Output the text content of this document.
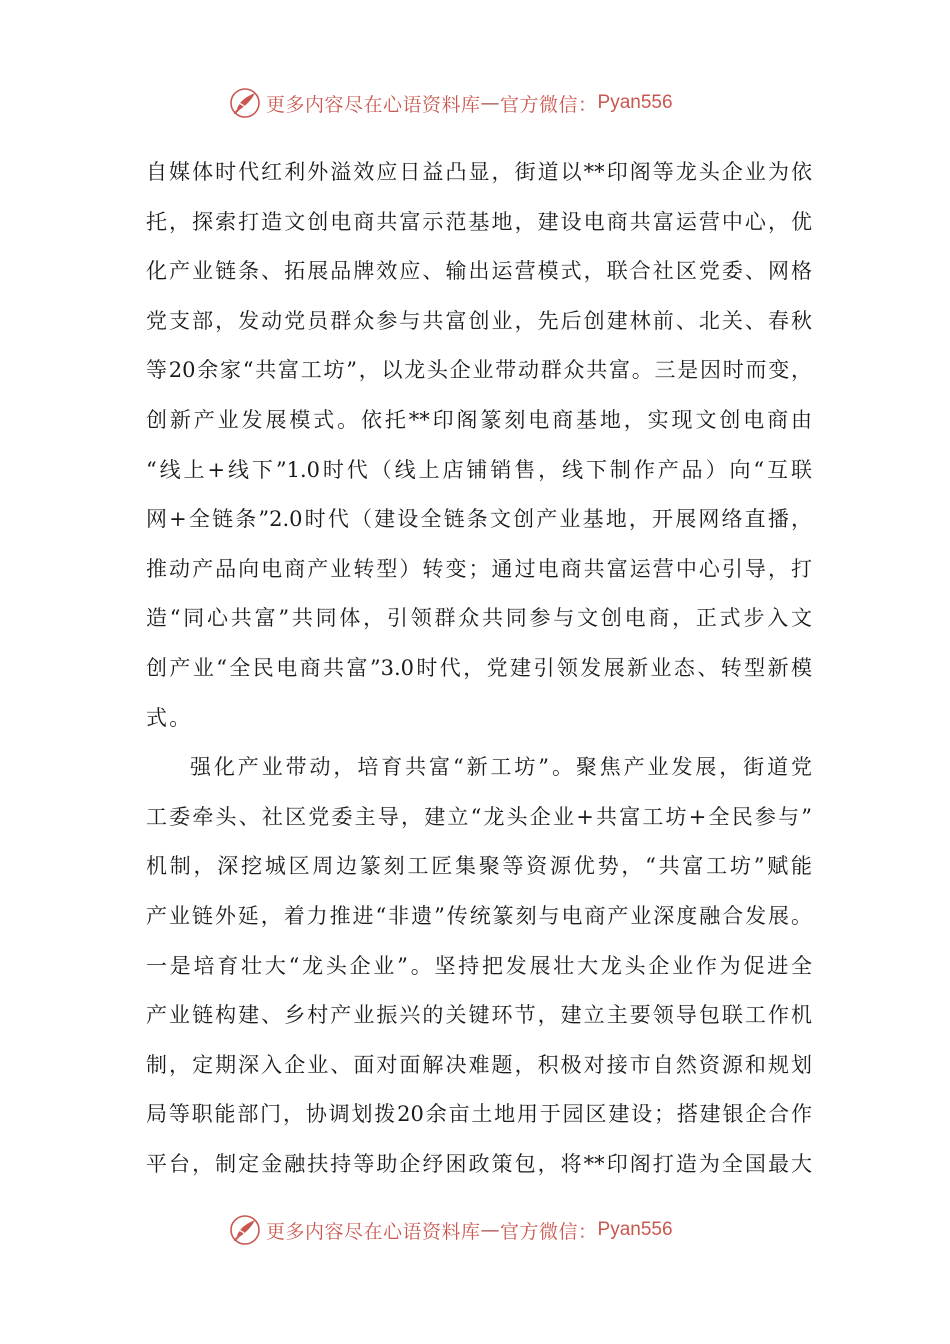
更多内容尽在心语资料库 — 官方微信： Pyan556
自媒体时代红利外溢效应日益凸显，街道以**印阁等龙头企业为依
托，探索打造文创电商共富示范基地，建设电商共富运营中心，优
化产业链条、拓展品牌效应、输出运营模式，联合社区党委、网格
党支部，发动党员群众参与共富创业，先后创建林前、北关、春秋
等20余家“共富工坊”，以龙头企业带动群众共富。三是因时而变，
创新产业发展模式。依托**印阁篆刻电商基地，实现文创电商由
“线上+线下”1.0时代（线上店铺销售，线下制作产品）向“互联
网+全链条”2.0时代（建设全链条文创产业基地，开展网络直播，
推动产品向电商产业转型）转变；通过电商共富运营中心引导，打
造“同心共富”共同体，引领群众共同参与文创电商，正式步入文
创产业“全民电商共富”3.0时代，党建引领发展新业态、转型新模
式。
强化产业带动，培育共富“新工坊”。聚焦产业发展，街道党
工委牵头、社区党委主导，建立“龙头企业+共富工坊+全民参与”
机制，深挖城区周边篆刻工匠集聚等资源优势，“共富工坊”赋能
产业链外延，着力推进“非遗”传统篆刻与电商产业深度融合发展。
一是培育壮大“龙头企业”。坚持把发展壮大龙头企业作为促进全
产业链构建、乡村产业振兴的关键环节，建立主要领导包联工作机
制，定期深入企业、面对面解决难题，积极对接市自然资源和规划
局等职能部门，协调划拨20余亩土地用于园区建设；搭建银企合作
平台，制定金融扶持等助企纾困政策包，将**印阁打造为全国最大
更多内容尽在心语资料库 — 官方微信： Pyan556
